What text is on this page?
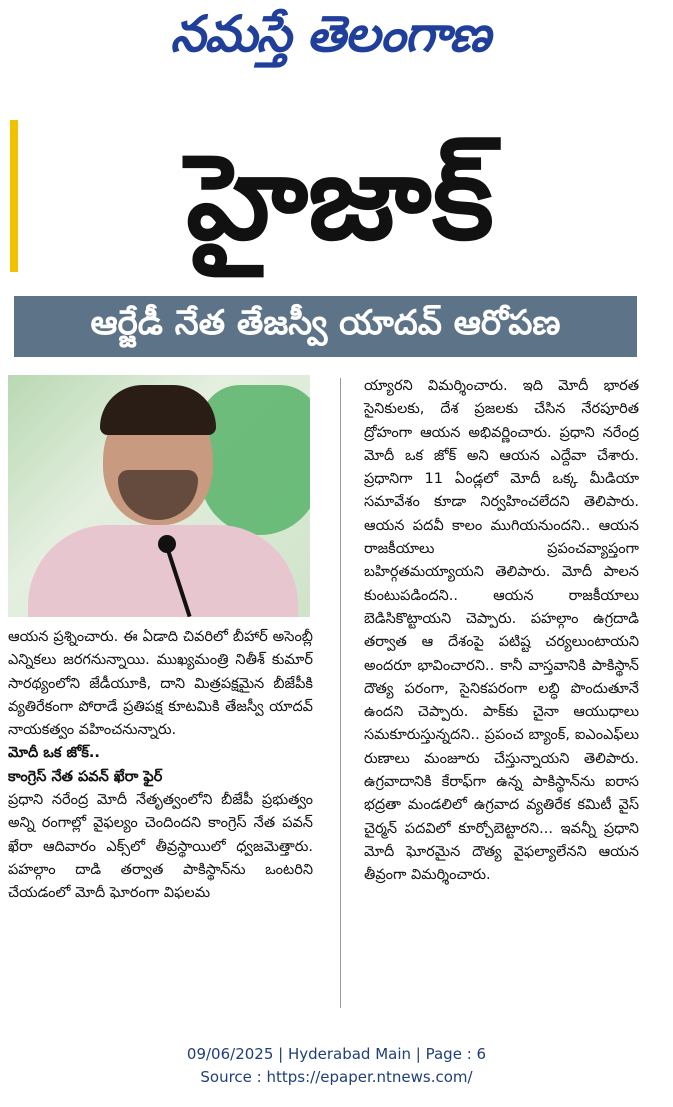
నమస్తే తెలంగాణ
హైజాక్
ఆర్జేడీ నేత తేజస్వీ యాదవ్ ఆరోపణ

ఆయన ప్రశ్నించారు. ఈ ఏడాది చివరిలో బీహార్ అసెంబ్లీ ఎన్నికలు జరగనున్నాయి. ముఖ్యమంత్రి నితీశ్ కుమార్ సారథ్యంలోని జేడీయూకి, దాని మిత్రపక్షమైన బీజేపీకి వ్యతిరేకంగా పోరాడే ప్రతిపక్ష కూటమికి తేజస్వీ యాదవ్ నాయకత్వం వహించనున్నారు.

మోదీ ఒక జోక్..

కాంగ్రెస్ నేత పవన్ ఖేరా ఫైర్

ప్రధాని నరేంద్ర మోదీ నేతృత్వంలోని బీజేపీ ప్రభుత్వం అన్ని రంగాల్లో వైఫల్యం చెందిందని కాంగ్రెస్ నేత పవన్ ఖేరా ఆదివారం ఎక్స్‌లో తీవ్రస్థాయిలో ధ్వజమెత్తారు. పహల్గాం దాడి తర్వాత పాకిస్థాన్‌ను ఒంటరిని చేయడంలో మోదీ ఘోరంగా విఫలమ

య్యారని విమర్శించారు. ఇది మోదీ భారత సైనికులకు, దేశ ప్రజలకు చేసిన నేరపూరిత ద్రోహంగా ఆయన అభివర్ణించారు. ప్రధాని నరేంద్ర మోదీ ఒక జోక్ అని ఆయన ఎద్దేవా చేశారు. ప్రధానిగా 11 ఏండ్లలో మోదీ ఒక్క మీడియా సమావేశం కూడా నిర్వహించలేదని తెలిపారు. ఆయన పదవీ కాలం ముగియనుందని.. ఆయన రాజకీయాలు ప్రపంచవ్యాప్తంగా బహిర్గతమయ్యాయని తెలిపారు. మోదీ పాలన కుంటుపడిందని.. ఆయన రాజకీయాలు బెడిసికొట్టాయని చెప్పారు. పహల్గాం ఉగ్రదాడి తర్వాత ఆ దేశంపై పటిష్ట చర్యలుంటాయని అందరూ భావించారని.. కానీ వాస్తవానికి పాకిస్థాన్ దౌత్య పరంగా, సైనికపరంగా లబ్ధి పొందుతూనే ఉందని చెప్పారు. పాక్‌కు చైనా ఆయుధాలు సమకూరుస్తున్నదని.. ప్రపంచ బ్యాంక్, ఐఎంఎఫ్‌లు రుణాలు మంజూరు చేస్తున్నాయని తెలిపారు. ఉగ్రవాదానికి కేరాఫ్‌గా ఉన్న పాకిస్థాన్‌ను ఐరాస భద్రతా మండలిలో ఉగ్రవాద వ్యతిరేక కమిటీ వైస్ చైర్మన్ పదవిలో కూర్చోబెట్టారని... ఇవన్నీ ప్రధాని మోదీ ఘోరమైన దౌత్య వైఫల్యాలేనని ఆయన తీవ్రంగా విమర్శించారు.

09/06/2025 | Hyderabad Main | Page : 6
Source : https://epaper.ntnews.com/
